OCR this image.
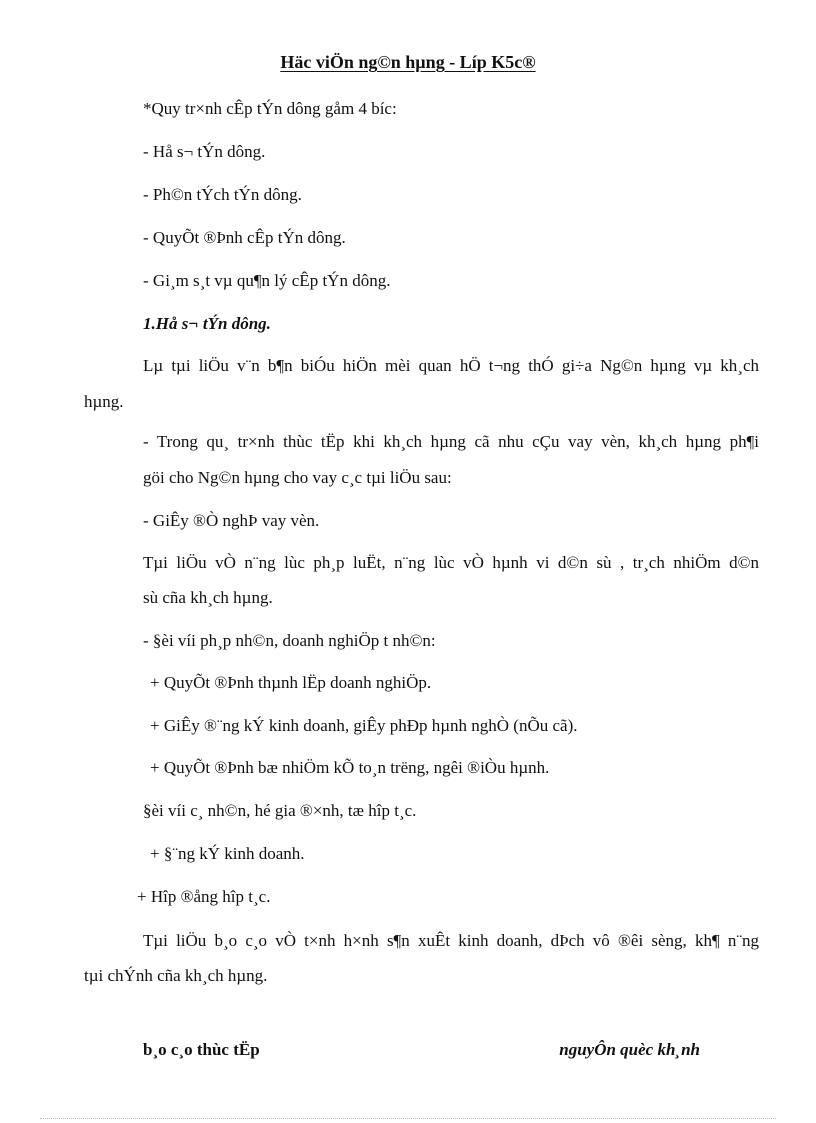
Häc viÖn ng©n hµng - Líp K5c®
*Quy tr×nh cÊp tÝn dông gåm 4 bíc:
- Hå s¬ tÝn dông.
- Ph©n tÝch tÝn dông.
- QuyÕt ®Þnh cÊp tÝn dông.
- Gi¸m s¸t vµ qu¶n lý cÊp tÝn dông.
1.Hå s¬ tÝn dông.
Lµ tµi liÖu v¨n b¶n biÓu hiÖn mèi quan hÖ t¬ng thÓ gi÷a Ng©n hµng vµ kh¸ch
hµng.
- Trong qu¸ tr×nh thùc tËp khi kh¸ch hµng cã nhu cÇu vay vèn, kh¸ch hµng ph¶i
göi cho Ng©n hµng cho vay c¸c tµi liÖu sau:
- GiÊy ®Ò nghÞ vay vèn.
Tµi liÖu vÒ n¨ng lùc ph¸p luËt, n¨ng lùc vÒ hµnh vi d©n sù , tr¸ch nhiÖm d©n
sù cña kh¸ch hµng.
- §èi víi ph¸p nh©n, doanh nghiÖp t nh©n:
+ QuyÕt ®Þnh thµnh lËp doanh nghiÖp.
+ GiÊy ®¨ng kÝ kinh doanh, giÊy phÐp hµnh nghÒ (nÕu cã).
+ QuyÕt ®Þnh bæ nhiÖm kÕ to¸n trëng, ngêi ®iÒu hµnh.
§èi víi c¸ nh©n, hé gia ®×nh, tæ hîp t¸c.
+ §¨ng kÝ kinh doanh.
+ Hîp ®ång hîp t¸c.
Tµi liÖu b¸o c¸o vÒ t×nh h×nh s¶n xuÊt kinh doanh, dÞch vô ®êi sèng, kh¶ n¨ng
tµi chÝnh cña kh¸ch hµng.
b¸o c¸o thùc tËp	nguyÔn quèc kh¸nh
